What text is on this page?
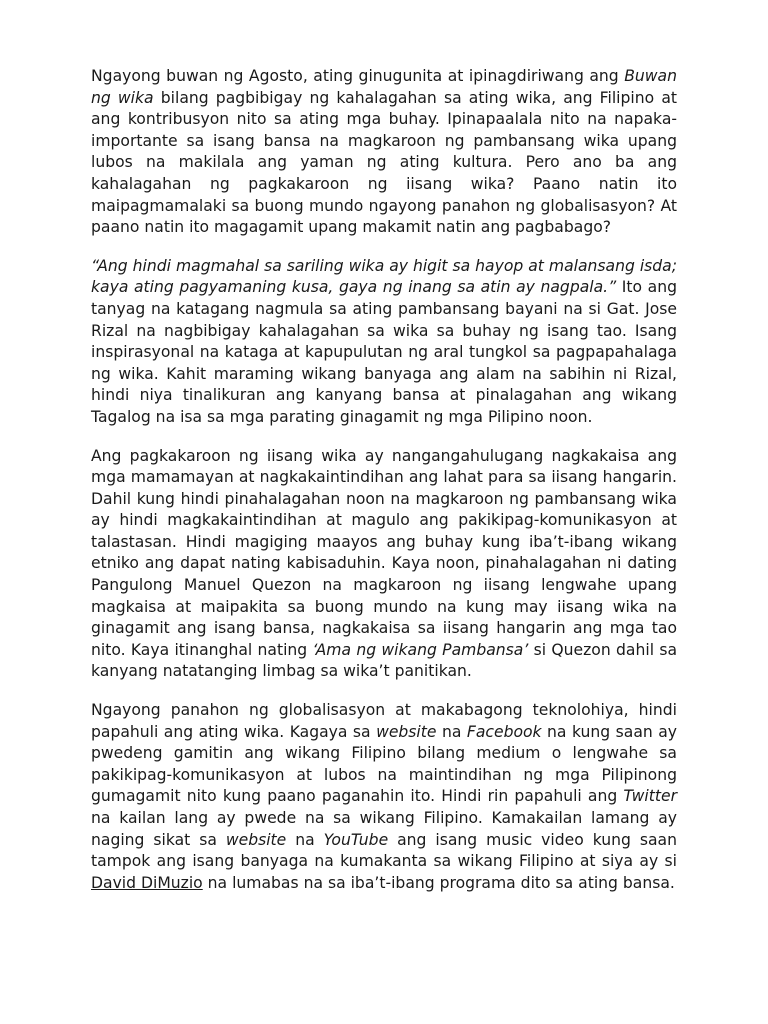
Ngayong buwan ng Agosto, ating ginugunita at ipinagdiriwang ang Buwan ng wika bilang pagbibigay ng kahalagahan sa ating wika, ang Filipino at ang kontribusyon nito sa ating mga buhay. Ipinapaalala nito na napaka-importante sa isang bansa na magkaroon ng pambansang wika upang lubos na makilala ang yaman ng ating kultura. Pero ano ba ang kahalagahan ng pagkakaroon ng iisang wika? Paano natin ito maipagmamalaki sa buong mundo ngayong panahon ng globalisasyon? At paano natin ito magagamit upang makamit natin ang pagbabago?

“Ang hindi magmahal sa sariling wika ay higit sa hayop at malansang isda; kaya ating pagyamaning kusa, gaya ng inang sa atin ay nagpala.” Ito ang tanyag na katagang nagmula sa ating pambansang bayani na si Gat. Jose Rizal na nagbibigay kahalagahan sa wika sa buhay ng isang tao. Isang inspirasyonal na kataga at kapupulutan ng aral tungkol sa pagpapahalaga ng wika. Kahit maraming wikang banyaga ang alam na sabihin ni Rizal, hindi niya tinalikuran ang kanyang bansa at pinalagahan ang wikang Tagalog na isa sa mga parating ginagamit ng mga Pilipino noon.

Ang pagkakaroon ng iisang wika ay nangangahulugang nagkakaisa ang mga mamamayan at nagkakaintindihan ang lahat para sa iisang hangarin. Dahil kung hindi pinahalagahan noon na magkaroon ng pambansang wika ay hindi magkakaintindihan at magulo ang pakikipag-komunikasyon at talastasan. Hindi magiging maayos ang buhay kung iba’t-ibang wikang etniko ang dapat nating kabisaduhin. Kaya noon, pinahalagahan ni dating Pangulong Manuel Quezon na magkaroon ng iisang lengwahe upang magkaisa at maipakita sa buong mundo na kung may iisang wika na ginagamit ang isang bansa, nagkakaisa sa iisang hangarin ang mga tao nito. Kaya itinanghal nating ‘Ama ng wikang Pambansa’ si Quezon dahil sa kanyang natatanging limbag sa wika’t panitikan.

Ngayong panahon ng globalisasyon at makabagong teknolohiya, hindi papahuli ang ating wika. Kagaya sa website na Facebook na kung saan ay pwedeng gamitin ang wikang Filipino bilang medium o lengwahe sa pakikipag-komunikasyon at lubos na maintindihan ng mga Pilipinong gumagamit nito kung paano paganahin ito. Hindi rin papahuli ang Twitter na kailan lang ay pwede na sa wikang Filipino. Kamakailan lamang ay naging sikat sa website na YouTube ang isang music video kung saan tampok ang isang banyaga na kumakanta sa wikang Filipino at siya ay si David DiMuzio na lumabas na sa iba’t-ibang programa dito sa ating bansa.
